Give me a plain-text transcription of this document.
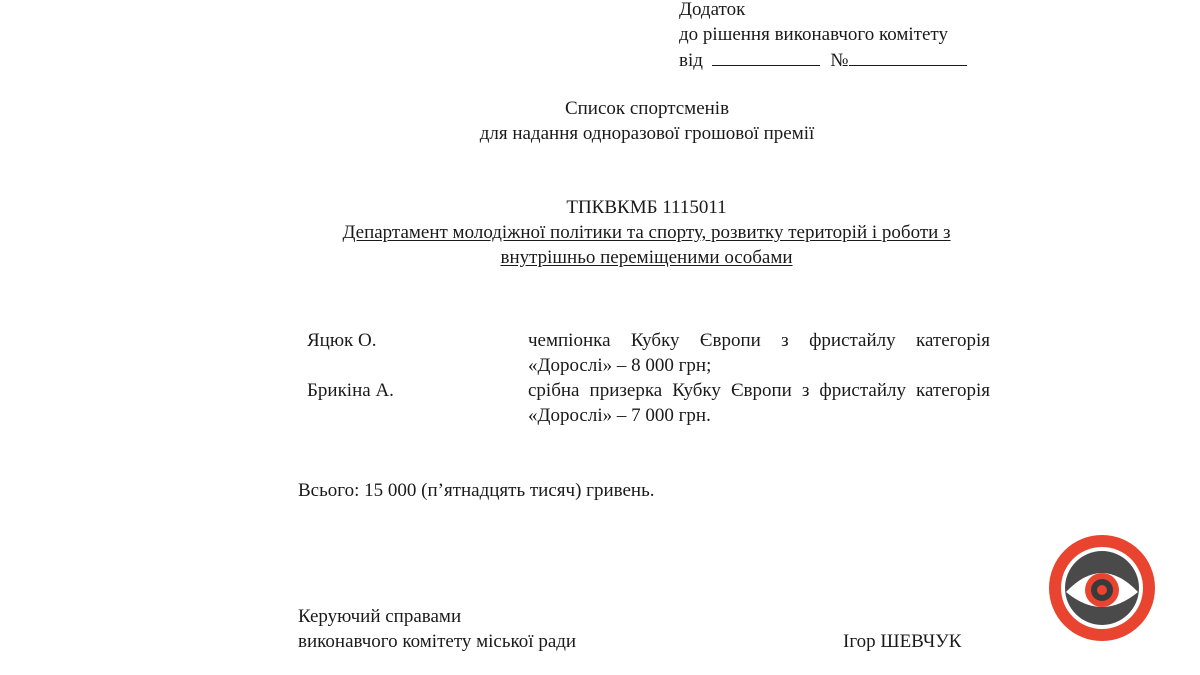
Додаток
до рішення виконавчого комітету
від	№
Список спортсменів
для надання одноразової грошової премії
ТПКВКМБ 1115011
Департамент молодіжної політики та спорту, розвитку територій і роботи з
внутрішньо переміщеними особами
Яцюк О.	чемпіонка Кубку Європи з фристайлу категорія «Дорослі» – 8 000 грн;
Брикіна А.	срібна призерка Кубку Європи з фристайлу категорія «Дорослі» – 7 000 грн.
Всього: 15 000 (п’ятнадцять тисяч) гривень.
Керуючий справами
виконавчого комітету міської ради	Ігор ШЕВЧУК
